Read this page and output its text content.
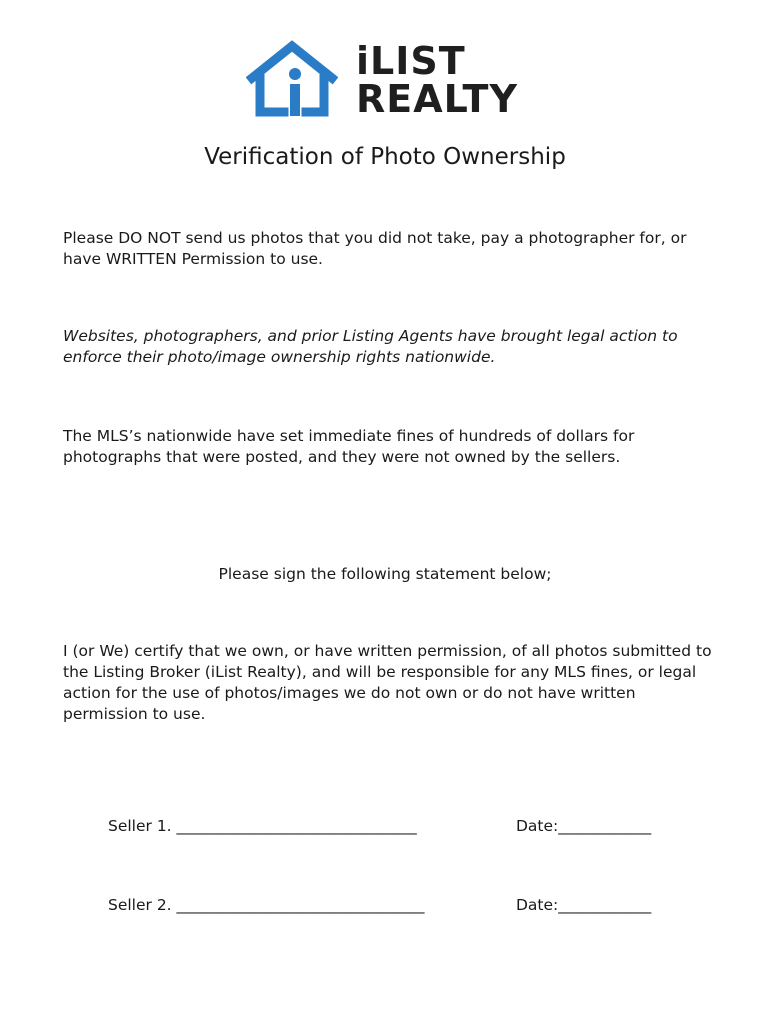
iLIST
REALTY
Verification of Photo Ownership
Please DO NOT send us photos that you did not take, pay a photographer for, or have WRITTEN Permission to use.
Websites, photographers, and prior Listing Agents have brought legal action to enforce their photo/image ownership rights nationwide.
The MLS’s nationwide have set immediate fines of hundreds of dollars for photographs that were posted, and they were not owned by the sellers.
Please sign the following statement below;
I (or We) certify that we own, or have written permission, of all photos submitted to the Listing Broker (iList Realty), and will be responsible for any MLS fines, or legal action for the use of photos/images we do not own or do not have written permission to use.
Seller 1. _______________________________	Date:____________
Seller 2. ________________________________	Date:____________
